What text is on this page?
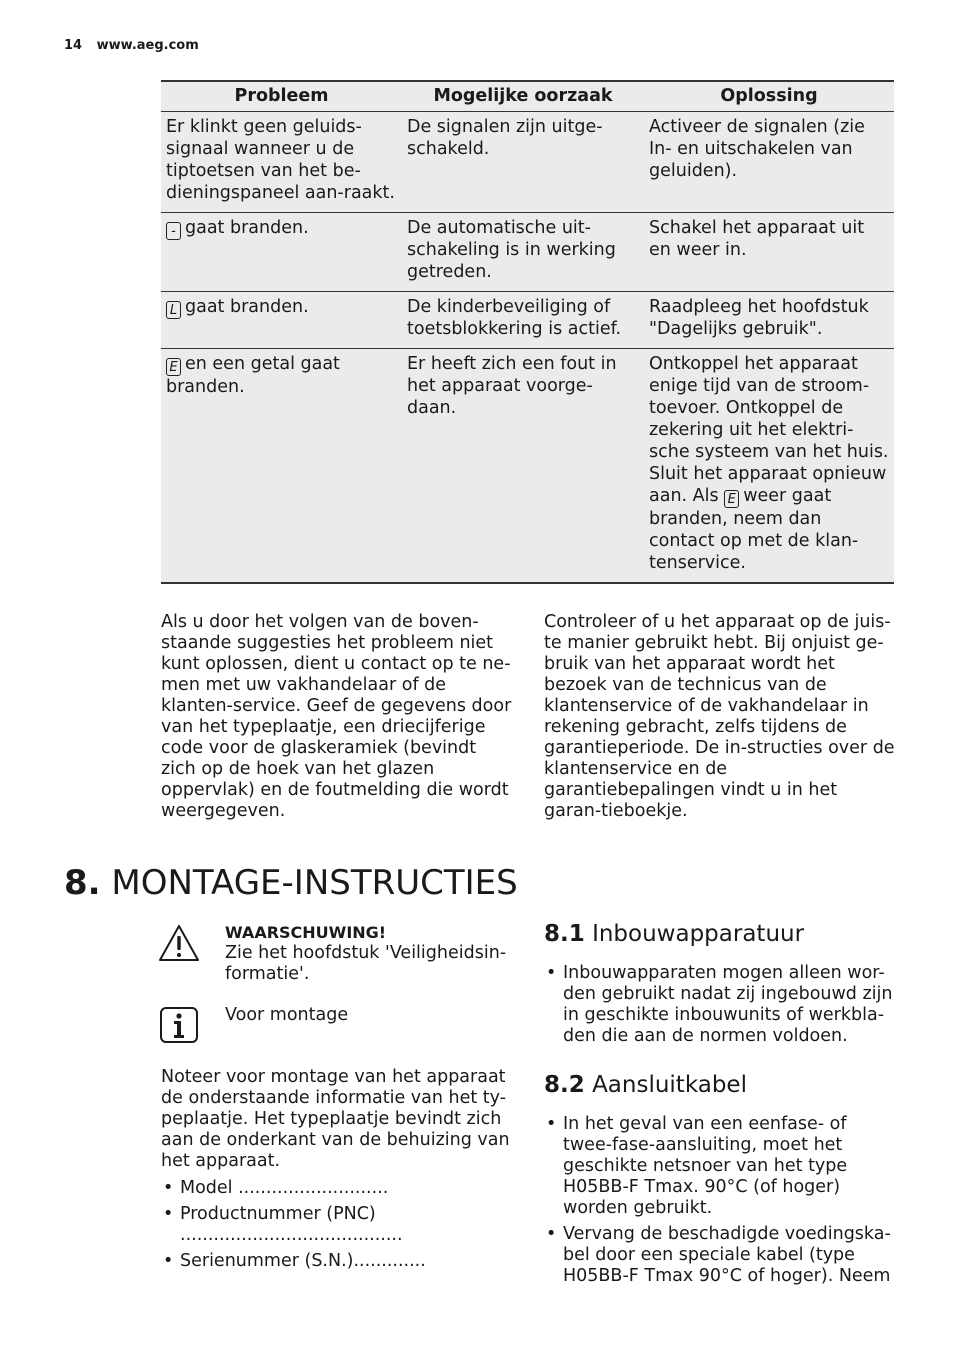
14 www.aeg.com
Probleem	Mogelijke oorzaak	Oplossing
Er klinkt geen geluids-signaal wanneer u de tiptoetsen van het be-dieningspaneel aan-raakt.	De signalen zijn uitge-schakeld.	Activeer de signalen (zie In- en uitschakelen van geluiden).
- gaat branden.	De automatische uit-schakeling is in werking getreden.	Schakel het apparaat uit en weer in.
L gaat branden.	De kinderbeveiliging of toetsblokkering is actief.	Raadpleeg het hoofdstuk "Dagelijks gebruik".
E en een getal gaat branden.	Er heeft zich een fout in het apparaat voorge-daan.	Ontkoppel het apparaat enige tijd van de stroom-toevoer. Ontkoppel de zekering uit het elektri-sche systeem van het huis. Sluit het apparaat opnieuw aan. Als E weer gaat branden, neem dan contact op met de klan-tenservice.
Als u door het volgen van de boven-staande suggesties het probleem niet kunt oplossen, dient u contact op te ne-men met uw vakhandelaar of de klanten-service. Geef de gegevens door van het typeplaatje, een driecijferige code voor de glaskeramiek (bevindt zich op de hoek van het glazen oppervlak) en de foutmelding die wordt weergegeven.
Controleer of u het apparaat op de juis-te manier gebruikt hebt. Bij onjuist ge-bruik van het apparaat wordt het bezoek van de technicus van de klantenservice of de vakhandelaar in rekening gebracht, zelfs tijdens de garantieperiode. De in-structies over de klantenservice en de garantiebepalingen vindt u in het garan-tieboekje.
8. MONTAGE-INSTRUCTIES
WAARSCHUWING!
Zie het hoofdstuk 'Veiligheidsin-formatie'.
Voor montage
Noteer voor montage van het apparaat de onderstaande informatie van het ty-peplaatje. Het typeplaatje bevindt zich aan de onderkant van de behuizing van het apparaat.
• Model ...........................
• Productnummer (PNC) ........................................
• Serienummer (S.N.).............
8.1 Inbouwapparatuur
• Inbouwapparaten mogen alleen wor-den gebruikt nadat zij ingebouwd zijn in geschikte inbouwunits of werkbla-den die aan de normen voldoen.
8.2 Aansluitkabel
• In het geval van een eenfase- of twee-fase-aansluiting, moet het geschikte netsnoer van het type H05BB-F Tmax. 90°C (of hoger) worden gebruikt.
• Vervang de beschadigde voedingska-bel door een speciale kabel (type H05BB-F Tmax 90°C of hoger). Neem
